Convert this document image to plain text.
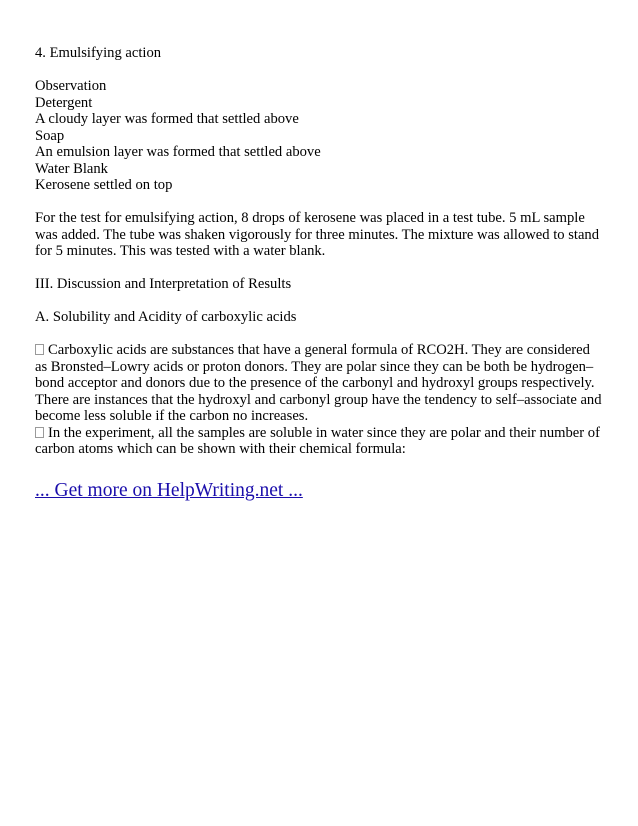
4. Emulsifying action
Observation
Detergent
A cloudy layer was formed that settled above
Soap
An emulsion layer was formed that settled above
Water Blank
Kerosene settled on top
For the test for emulsifying action, 8 drops of kerosene was placed in a test tube. 5 mL sample was added. The tube was shaken vigorously for three minutes. The mixture was allowed to stand for 5 minutes. This was tested with a water blank.
III. Discussion and Interpretation of Results
A. Solubility and Acidity of carboxylic acids
Carboxylic acids are substances that have a general formula of RCO2H. They are considered as Bronsted–Lowry acids or proton donors. They are polar since they can be both be hydrogen–bond acceptor and donors due to the presence of the carbonyl and hydroxyl groups respectively. There are instances that the hydroxyl and carbonyl group have the tendency to self–associate and become less soluble if the carbon no increases.
In the experiment, all the samples are soluble in water since they are polar and their number of carbon atoms which can be shown with their chemical formula:
... Get more on HelpWriting.net ...
